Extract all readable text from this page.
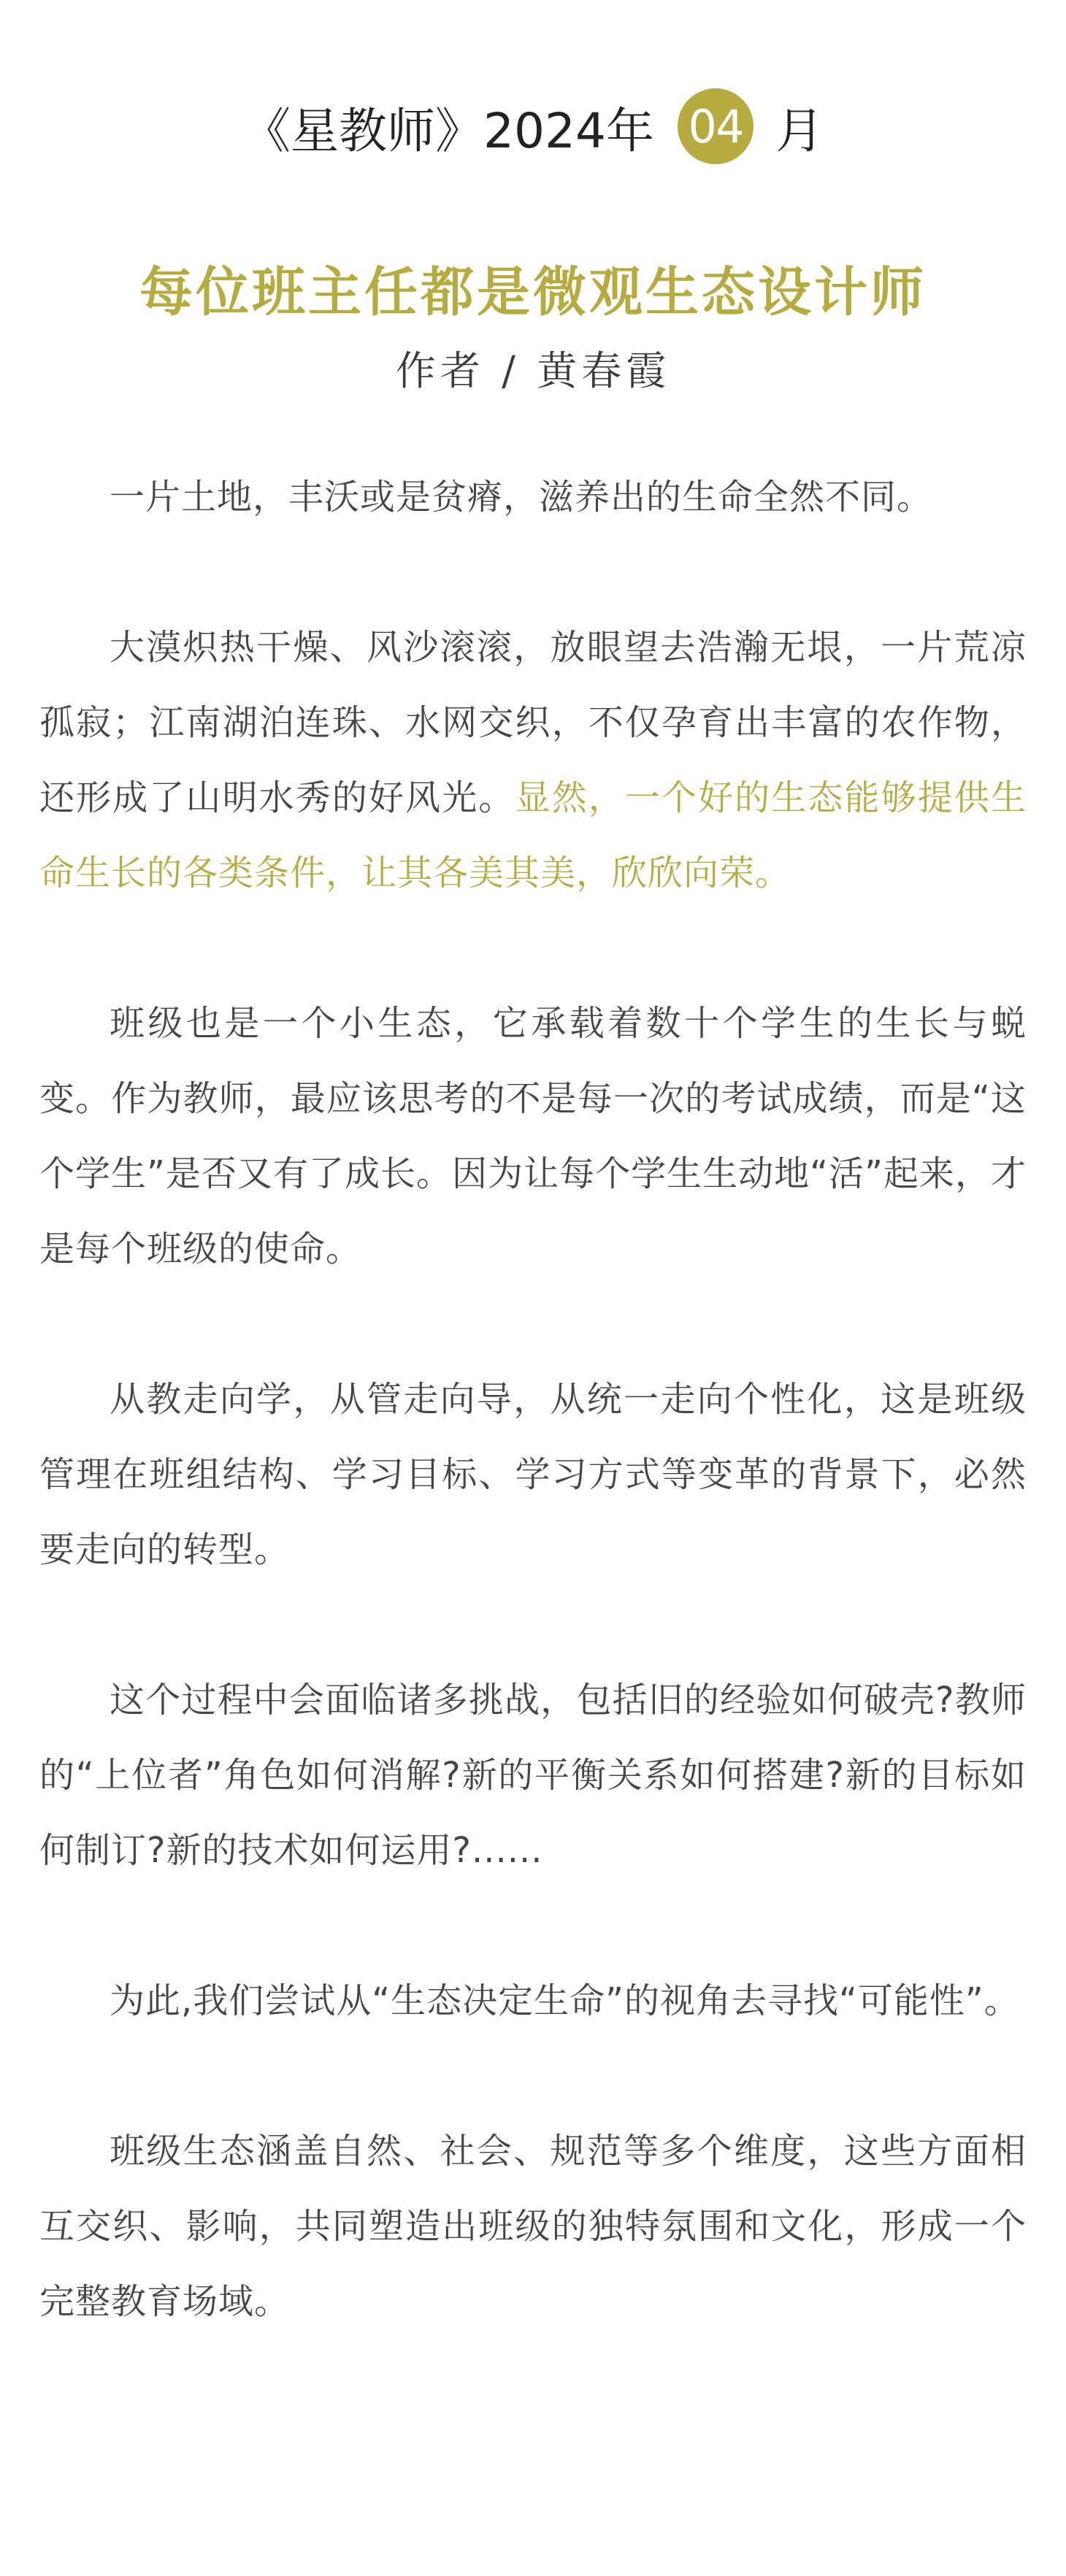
《星教师》2024年 04 月
每位班主任都是微观生态设计师
作者 / 黄春霞

一片土地，丰沃或是贫瘠，滋养出的生命全然不同。

大漠炽热干燥、风沙滚滚，放眼望去浩瀚无垠，一片荒凉孤寂；江南湖泊连珠、水网交织，不仅孕育出丰富的农作物，还形成了山明水秀的好风光。显然，一个好的生态能够提供生命生长的各类条件，让其各美其美，欣欣向荣。

班级也是一个小生态，它承载着数十个学生的生长与蜕变。作为教师，最应该思考的不是每一次的考试成绩，而是“这个学生”是否又有了成长。因为让每个学生生动地“活”起来，才是每个班级的使命。

从教走向学，从管走向导，从统一走向个性化，这是班级管理在班组结构、学习目标、学习方式等变革的背景下，必然要走向的转型。

这个过程中会面临诸多挑战，包括旧的经验如何破壳?教师的“上位者”角色如何消解?新的平衡关系如何搭建?新的目标如何制订?新的技术如何运用?......

为此,我们尝试从“生态决定生命”的视角去寻找“可能性”。

班级生态涵盖自然、社会、规范等多个维度，这些方面相互交织、影响，共同塑造出班级的独特氛围和文化，形成一个完整教育场域。
